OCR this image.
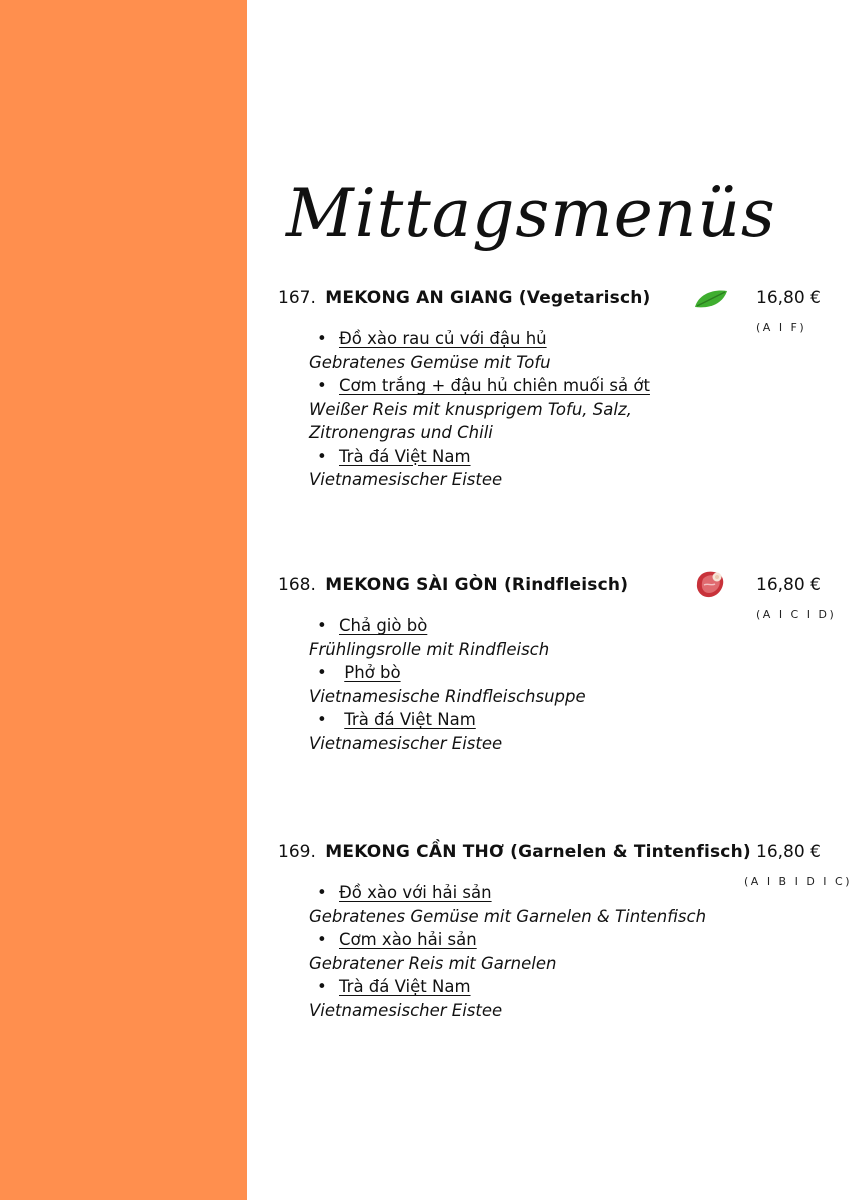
Mittagsmenüs
167. MEKONG AN GIANG (Vegetarisch)	16,80 €
(A I F)
• Đồ xào rau củ với đậu hủ
Gebratenes Gemüse mit Tofu
• Cơm trắng + đậu hủ chiên muối sả ớt
Weißer Reis mit knusprigem Tofu, Salz,
Zitronengras und Chili
• Trà đá Việt Nam
Vietnamesischer Eistee
168. MEKONG SÀI GÒN (Rindfleisch)	16,80 €
(A I C I D)
• Chả giò bò
Frühlingsrolle mit Rindfleisch
• Phở bò
Vietnamesische Rindfleischsuppe
• Trà đá Việt Nam
Vietnamesischer Eistee
169. MEKONG CẦN THƠ (Garnelen & Tintenfisch) 16,80 €
(A I B I D I C)
• Đồ xào với hải sản
Gebratenes Gemüse mit Garnelen & Tintenfisch
• Cơm xào hải sản
Gebratener Reis mit Garnelen
• Trà đá Việt Nam
Vietnamesischer Eistee
